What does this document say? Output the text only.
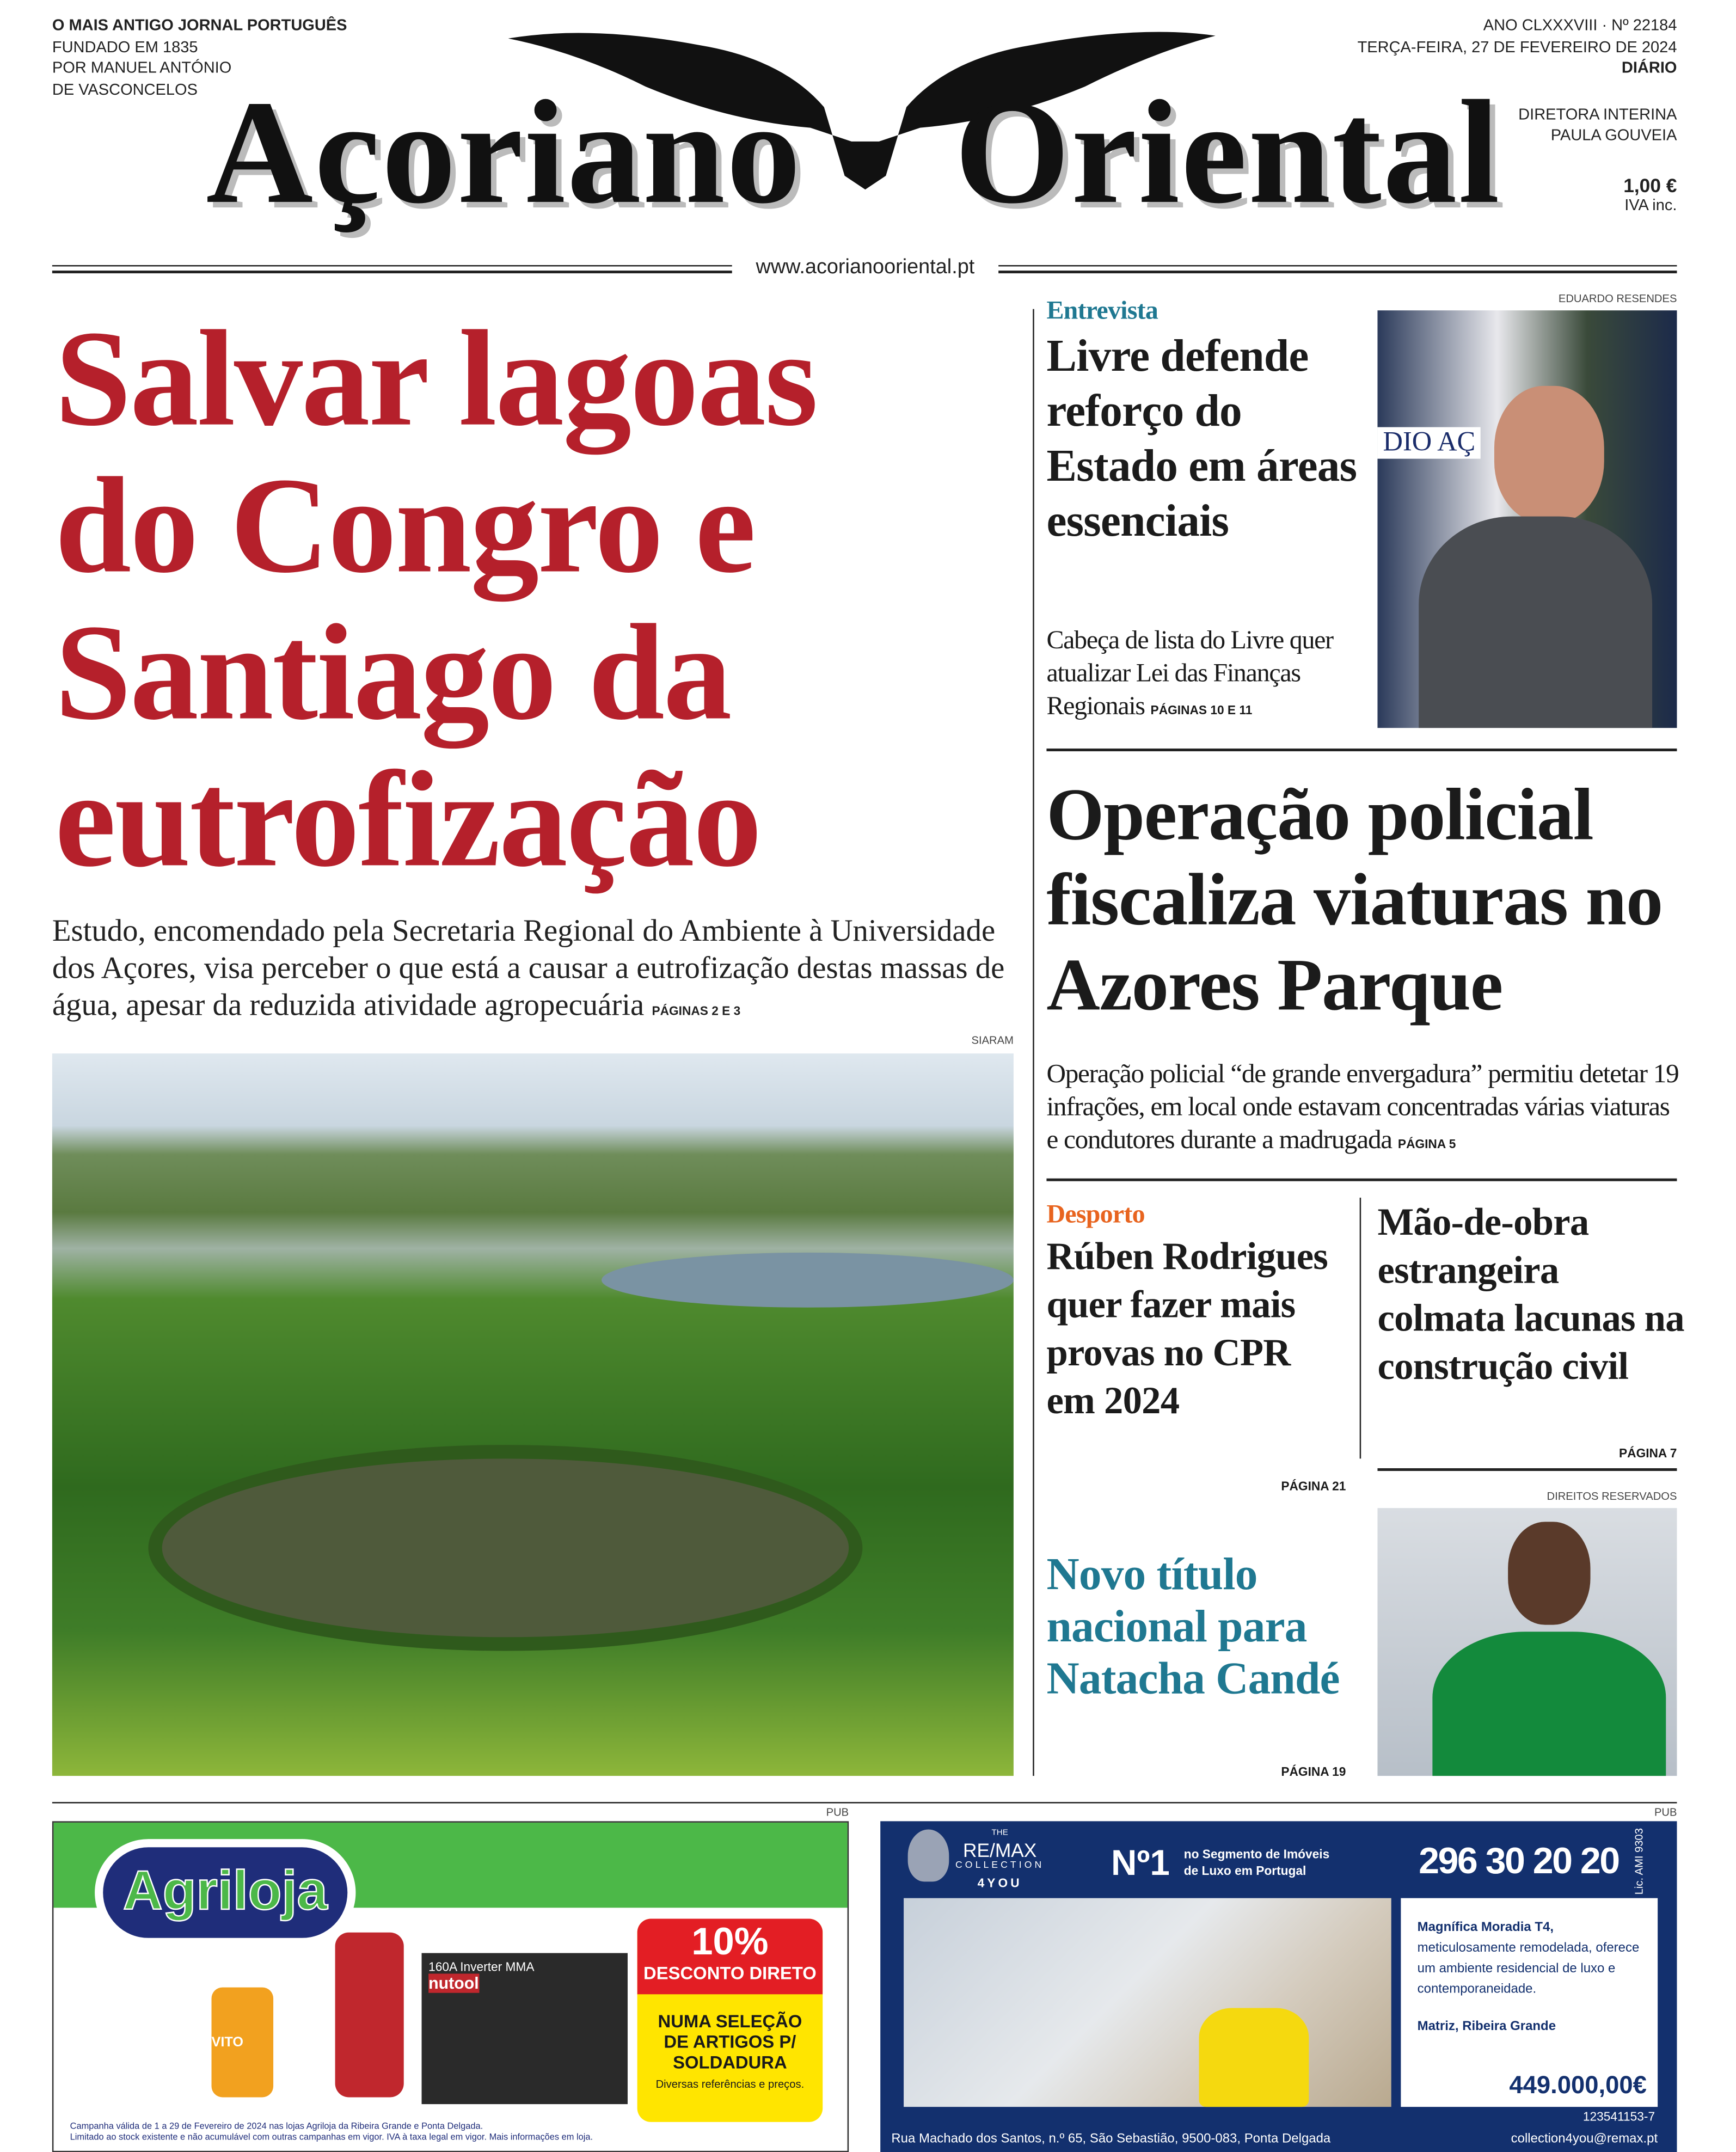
O MAIS ANTIGO JORNAL PORTUGUÊS
FUNDADO EM 1835
POR MANUEL ANTÓNIO
DE VASCONCELOS Açoriano	Oriental
ANO CLXXXVIII · Nº 22184
TERÇA-FEIRA, 27 DE FEVEREIRO DE 2024
DIÁRIO
DIRETORA INTERINA
PAULA GOUVEIA
1,00 €
IVA inc.
www.acorianooriental.pt
Salvar lagoas
do Congro e
Santiago da
eutrofização
Estudo, encomendado pela Secretaria Regional do Ambiente à Universidade dos Açores, visa perceber o que está a causar a eutrofização destas massas de água, apesar da reduzida atividade agropecuária PÁGINAS 2 E 3
SIARAM
Entrevista
Livre defende reforço do Estado em áreas essenciais
Cabeça de lista do Livre quer atualizar Lei das Finanças Regionais PÁGINAS 10 E 11
EDUARDO RESENDES
DIO AÇ
Operação policial fiscaliza viaturas no Azores Parque
Operação policial “de grande envergadura” permitiu detetar 19 infrações, em local onde estavam concentradas várias viaturas e condutores durante a madrugada PÁGINA 5
Desporto
Rúben Rodrigues quer fazer mais provas no CPR em 2024
PÁGINA 21
Mão-de-obra estrangeira colmata lacunas na construção civil
PÁGINA 7
DIREITOS RESERVADOS
Novo título nacional para Natacha Candé
PÁGINA 19
PUB	PUB
Agriloja
VITO
160A Inverter MMA
nutool
10%
DESCONTO DIRETO
NUMA SELEÇÃO DE ARTIGOS P/ SOLDADURA
Diversas referências e preços.
Campanha válida de 1 a 29 de Fevereiro de 2024 nas lojas Agriloja da Ribeira Grande e Ponta Delgada.
Limitado ao stock existente e não acumulável com outras campanhas em vigor. IVA à taxa legal em vigor. Mais informações em loja.
THE
RE/MAX
COLLECTION
4YOU	Nº1	no Segmento de Imóveis de Luxo em Portugal	296 30 20 20	Lic. AMI 9303
Magnífica Moradia T4, meticulosamente remodelada, oferece um ambiente residencial de luxo e contemporaneidade.
Matriz, Ribeira Grande
449.000,00€
123541153-7
Rua Machado dos Santos, n.º 65, São Sebastião, 9500-083, Ponta Delgada	collection4you@remax.pt
